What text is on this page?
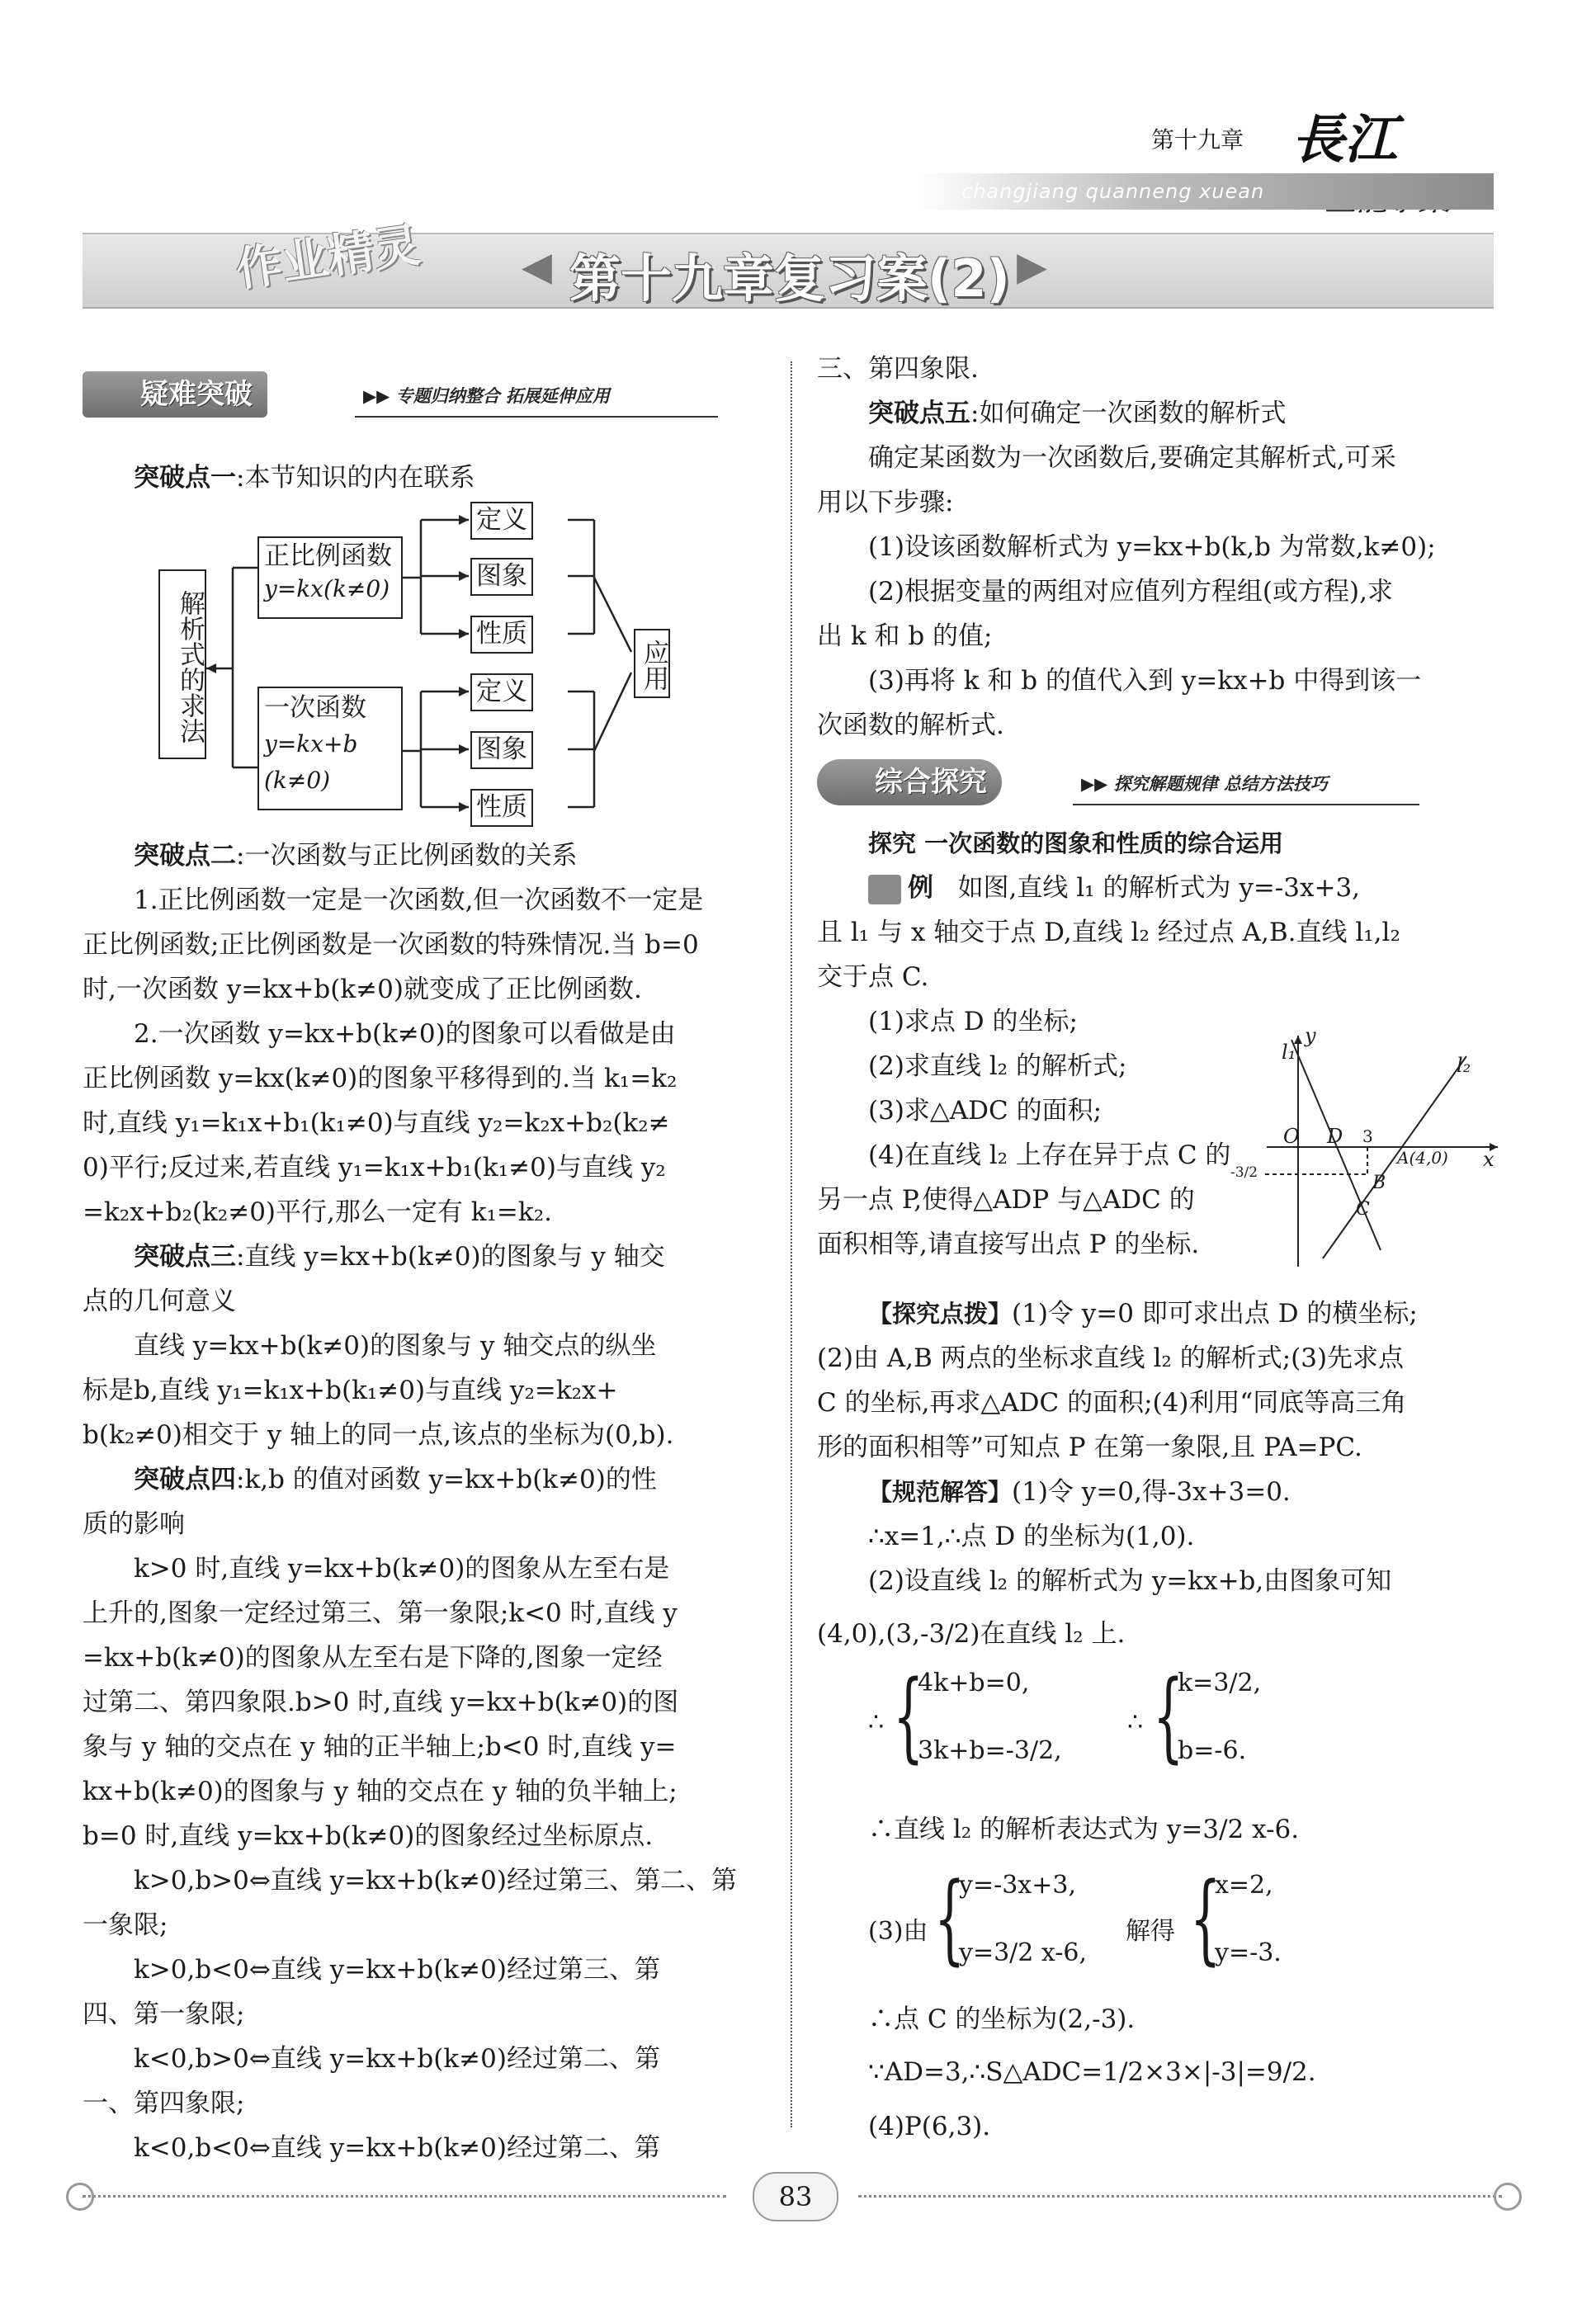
第十九章 長江
changjiang quanneng xuean
作业精灵 ◀ 第十九章复习案(2) ▶
疑难突破	▶▶ 专题归纳整合 拓展延伸应用

突破点一:本节知识的内在联系

解析式的求法
正比例函数
y=kx(k≠0)
一次函数
y=kx+b
(k≠0)
定义
图象
性质
定义
图象
性质
应用

突破点二:一次函数与正比例函数的关系

1.正比例函数一定是一次函数,但一次函数不一定是

正比例函数;正比例函数是一次函数的特殊情况.当 b=0

时,一次函数 y=kx+b(k≠0)就变成了正比例函数.

2.一次函数 y=kx+b(k≠0)的图象可以看做是由

正比例函数 y=kx(k≠0)的图象平移得到的.当 k₁=k₂

时,直线 y₁=k₁x+b₁(k₁≠0)与直线 y₂=k₂x+b₂(k₂≠

0)平行;反过来,若直线 y₁=k₁x+b₁(k₁≠0)与直线 y₂

=k₂x+b₂(k₂≠0)平行,那么一定有 k₁=k₂.

突破点三:直线 y=kx+b(k≠0)的图象与 y 轴交

点的几何意义

直线 y=kx+b(k≠0)的图象与 y 轴交点的纵坐

标是b,直线 y₁=k₁x+b(k₁≠0)与直线 y₂=k₂x+

b(k₂≠0)相交于 y 轴上的同一点,该点的坐标为(0,b).

突破点四:k,b 的值对函数 y=kx+b(k≠0)的性

质的影响

k>0 时,直线 y=kx+b(k≠0)的图象从左至右是

上升的,图象一定经过第三、第一象限;k<0 时,直线 y

=kx+b(k≠0)的图象从左至右是下降的,图象一定经

过第二、第四象限.b>0 时,直线 y=kx+b(k≠0)的图

象与 y 轴的交点在 y 轴的正半轴上;b<0 时,直线 y=

kx+b(k≠0)的图象与 y 轴的交点在 y 轴的负半轴上;

b=0 时,直线 y=kx+b(k≠0)的图象经过坐标原点.

k>0,b>0⇔直线 y=kx+b(k≠0)经过第三、第二、第

一象限;

k>0,b<0⇔直线 y=kx+b(k≠0)经过第三、第

四、第一象限;

k<0,b>0⇔直线 y=kx+b(k≠0)经过第二、第

一、第四象限;

k<0,b<0⇔直线 y=kx+b(k≠0)经过第二、第

三、第四象限.

突破点五:如何确定一次函数的解析式

确定某函数为一次函数后,要确定其解析式,可采

用以下步骤:

(1)设该函数解析式为 y=kx+b(k,b 为常数,k≠0);

(2)根据变量的两组对应值列方程组(或方程),求

出 k 和 b 的值;

(3)再将 k 和 b 的值代入到 y=kx+b 中得到该一

次函数的解析式.

综合探究	▶▶ 探究解题规律 总结方法技巧

探究 一次函数的图象和性质的综合运用

例 如图,直线 l₁ 的解析式为 y=-3x+3,

且 l₁ 与 x 轴交于点 D,直线 l₂ 经过点 A,B.直线 l₁,l₂

交于点 C.

(1)求点 D 的坐标;

(2)求直线 l₂ 的解析式;

(3)求△ADC 的面积;

(4)在直线 l₂ 上存在异于点 C 的

另一点 P,使得△ADP 与△ADC 的

面积相等,请直接写出点 P 的坐标.

l₁
y
l₂
O D 3
A(4,0) x
-3/2	B
C

【探究点拨】(1)令 y=0 即可求出点 D 的横坐标;

(2)由 A,B 两点的坐标求直线 l₂ 的解析式;(3)先求点

C 的坐标,再求△ADC 的面积;(4)利用“同底等高三角

形的面积相等”可知点 P 在第一象限,且 PA=PC.

【规范解答】(1)令 y=0,得-3x+3=0.

∴x=1,∴点 D 的坐标为(1,0).

(2)设直线 l₂ 的解析式为 y=kx+b,由图象可知

(4,0),(3,-3/2)在直线 l₂ 上.

∴ {
4k+b=0,
3k+b=-3/2,
∴ {
k=3/2,
b=-6.

∴直线 l₂ 的解析表达式为 y=3/2 x-6.

(3)由 {
y=-3x+3,
y=3/2 x-6,
解得 {
x=2,
y=-3.

∴点 C 的坐标为(2,-3).

∵AD=3,∴S△ADC=1/2×3×|-3|=9/2.

(4)P(6,3).

83
